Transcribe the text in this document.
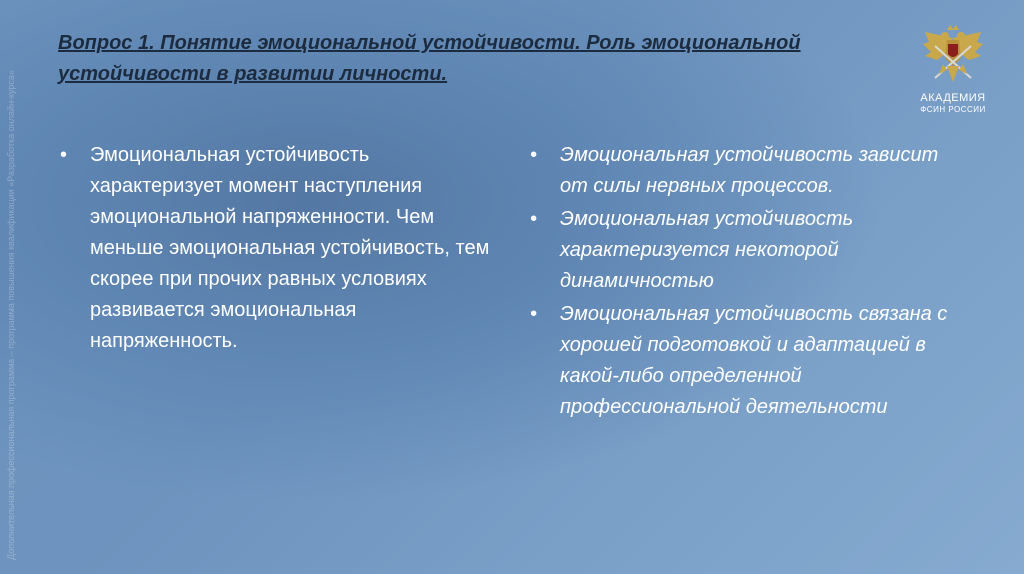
Дополнительная профессиональная программа – программа повышения квалификации «Разработка онлайн-курса»
Вопрос 1. Понятие эмоциональной устойчивости. Роль эмоциональной устойчивости в развитии личности.
АКАДЕМИЯ
ФСИН РОССИИ
• Эмоциональная устойчивость характеризует момент наступления эмоциональной напряженности. Чем меньше эмоциональная устойчивость, тем скорее при прочих равных условиях развивается эмоциональная напряженность.
• Эмоциональная устойчивость зависит от силы нервных процессов.
• Эмоциональная устойчивость характеризуется некоторой динамичностью
• Эмоциональная устойчивость связана с хорошей подготовкой и адаптацией в какой-либо определенной профессиональной деятельности
